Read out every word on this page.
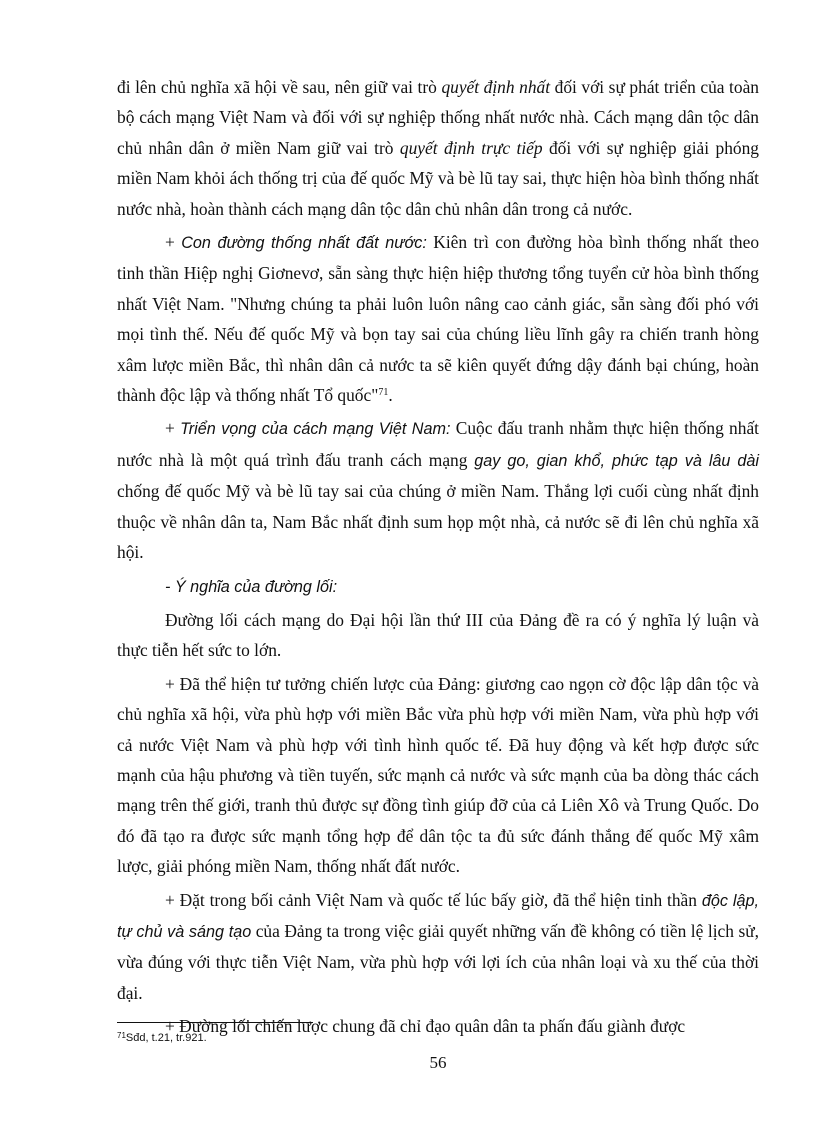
đi lên chủ nghĩa xã hội về sau, nên giữ vai trò quyết định nhất đối với sự phát triển của toàn bộ cách mạng Việt Nam và đối với sự nghiệp thống nhất nước nhà. Cách mạng dân tộc dân chủ nhân dân ở miền Nam giữ vai trò quyết định trực tiếp đối với sự nghiệp giải phóng miền Nam khỏi ách thống trị của đế quốc Mỹ và bè lũ tay sai, thực hiện hòa bình thống nhất nước nhà, hoàn thành cách mạng dân tộc dân chủ nhân dân trong cả nước.

+ Con đường thống nhất đất nước: Kiên trì con đường hòa bình thống nhất theo tinh thần Hiệp nghị Giơnevơ, sẵn sàng thực hiện hiệp thương tổng tuyển cử hòa bình thống nhất Việt Nam. "Nhưng chúng ta phải luôn luôn nâng cao cảnh giác, sẵn sàng đối phó với mọi tình thế. Nếu đế quốc Mỹ và bọn tay sai của chúng liều lĩnh gây ra chiến tranh hòng xâm lược miền Bắc, thì nhân dân cả nước ta sẽ kiên quyết đứng dậy đánh bại chúng, hoàn thành độc lập và thống nhất Tổ quốc"$^{71}$.

+ Triển vọng của cách mạng Việt Nam: Cuộc đấu tranh nhằm thực hiện thống nhất nước nhà là một quá trình đấu tranh cách mạng gay go, gian khổ, phức tạp và lâu dài chống đế quốc Mỹ và bè lũ tay sai của chúng ở miền Nam. Thắng lợi cuối cùng nhất định thuộc về nhân dân ta, Nam Bắc nhất định sum họp một nhà, cả nước sẽ đi lên chủ nghĩa xã hội.

- Ý nghĩa của đường lối:

Đường lối cách mạng do Đại hội lần thứ III của Đảng đề ra có ý nghĩa lý luận và thực tiễn hết sức to lớn.

+ Đã thể hiện tư tưởng chiến lược của Đảng: giương cao ngọn cờ độc lập dân tộc và chủ nghĩa xã hội, vừa phù hợp với miền Bắc vừa phù hợp với miền Nam, vừa phù hợp với cả nước Việt Nam và phù hợp với tình hình quốc tế. Đã huy động và kết hợp được sức mạnh của hậu phương và tiền tuyến, sức mạnh cả nước và sức mạnh của ba dòng thác cách mạng trên thế giới, tranh thủ được sự đồng tình giúp đỡ của cả Liên Xô và Trung Quốc. Do đó đã tạo ra được sức mạnh tổng hợp để dân tộc ta đủ sức đánh thắng đế quốc Mỹ xâm lược, giải phóng miền Nam, thống nhất đất nước.

+ Đặt trong bối cảnh Việt Nam và quốc tế lúc bấy giờ, đã thể hiện tinh thần độc lập, tự chủ và sáng tạo của Đảng ta trong việc giải quyết những vấn đề không có tiền lệ lịch sử, vừa đúng với thực tiễn Việt Nam, vừa phù hợp với lợi ích của nhân loại và xu thế của thời đại.

+ Đường lối chiến lược chung đã chỉ đạo quân dân ta phấn đấu giành được

$^{71}$Sđd, t.21, tr.921.
56
